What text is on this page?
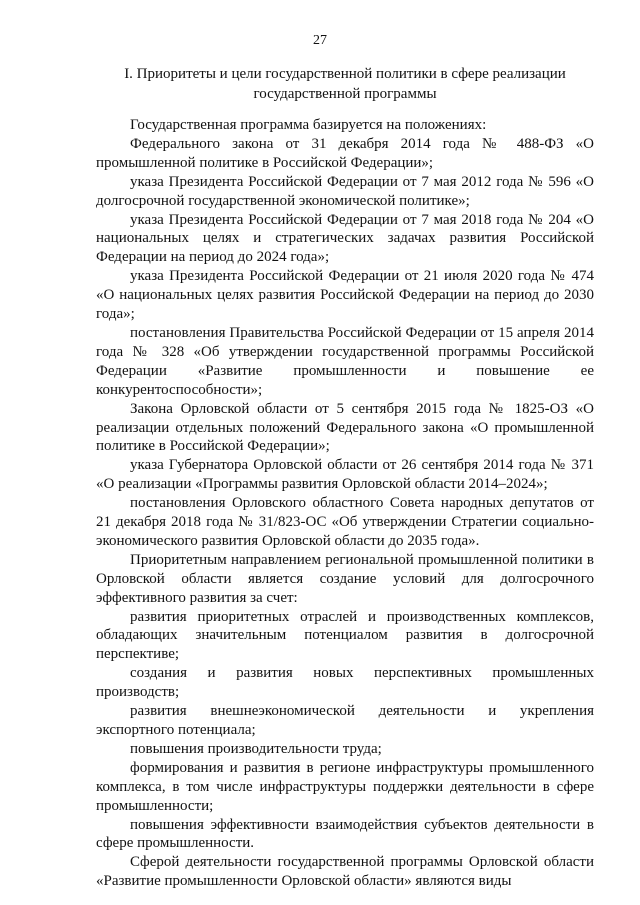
27
I. Приоритеты и цели государственной политики в сфере реализации государственной программы

Государственная программа базируется на положениях:

Федерального закона от 31 декабря 2014 года № 488-ФЗ «О промышленной политике в Российской Федерации»;

указа Президента Российской Федерации от 7 мая 2012 года № 596 «О долгосрочной государственной экономической политике»;

указа Президента Российской Федерации от 7 мая 2018 года № 204 «О национальных целях и стратегических задачах развития Российской Федерации на период до 2024 года»;

указа Президента Российской Федерации от 21 июля 2020 года № 474 «О национальных целях развития Российской Федерации на период до 2030 года»;

постановления Правительства Российской Федерации от 15 апреля 2014 года № 328 «Об утверждении государственной программы Российской Федерации «Развитие промышленности и повышение ее конкурентоспособности»;

Закона Орловской области от 5 сентября 2015 года № 1825-ОЗ «О реализации отдельных положений Федерального закона «О промышленной политике в Российской Федерации»;

указа Губернатора Орловской области от 26 сентября 2014 года № 371 «О реализации «Программы развития Орловской области 2014–2024»;

постановления Орловского областного Совета народных депутатов от 21 декабря 2018 года № 31/823-ОС «Об утверждении Стратегии социально-экономического развития Орловской области до 2035 года».

Приоритетным направлением региональной промышленной политики в Орловской области является создание условий для долгосрочного эффективного развития за счет:

развития приоритетных отраслей и производственных комплексов, обладающих значительным потенциалом развития в долгосрочной перспективе;

создания и развития новых перспективных промышленных производств;

развития внешнеэкономической деятельности и укрепления экспортного потенциала;

повышения производительности труда;

формирования и развития в регионе инфраструктуры промышленного комплекса, в том числе инфраструктуры поддержки деятельности в сфере промышленности;

повышения эффективности взаимодействия субъектов деятельности в сфере промышленности.

Сферой деятельности государственной программы Орловской области «Развитие промышленности Орловской области» являются виды
